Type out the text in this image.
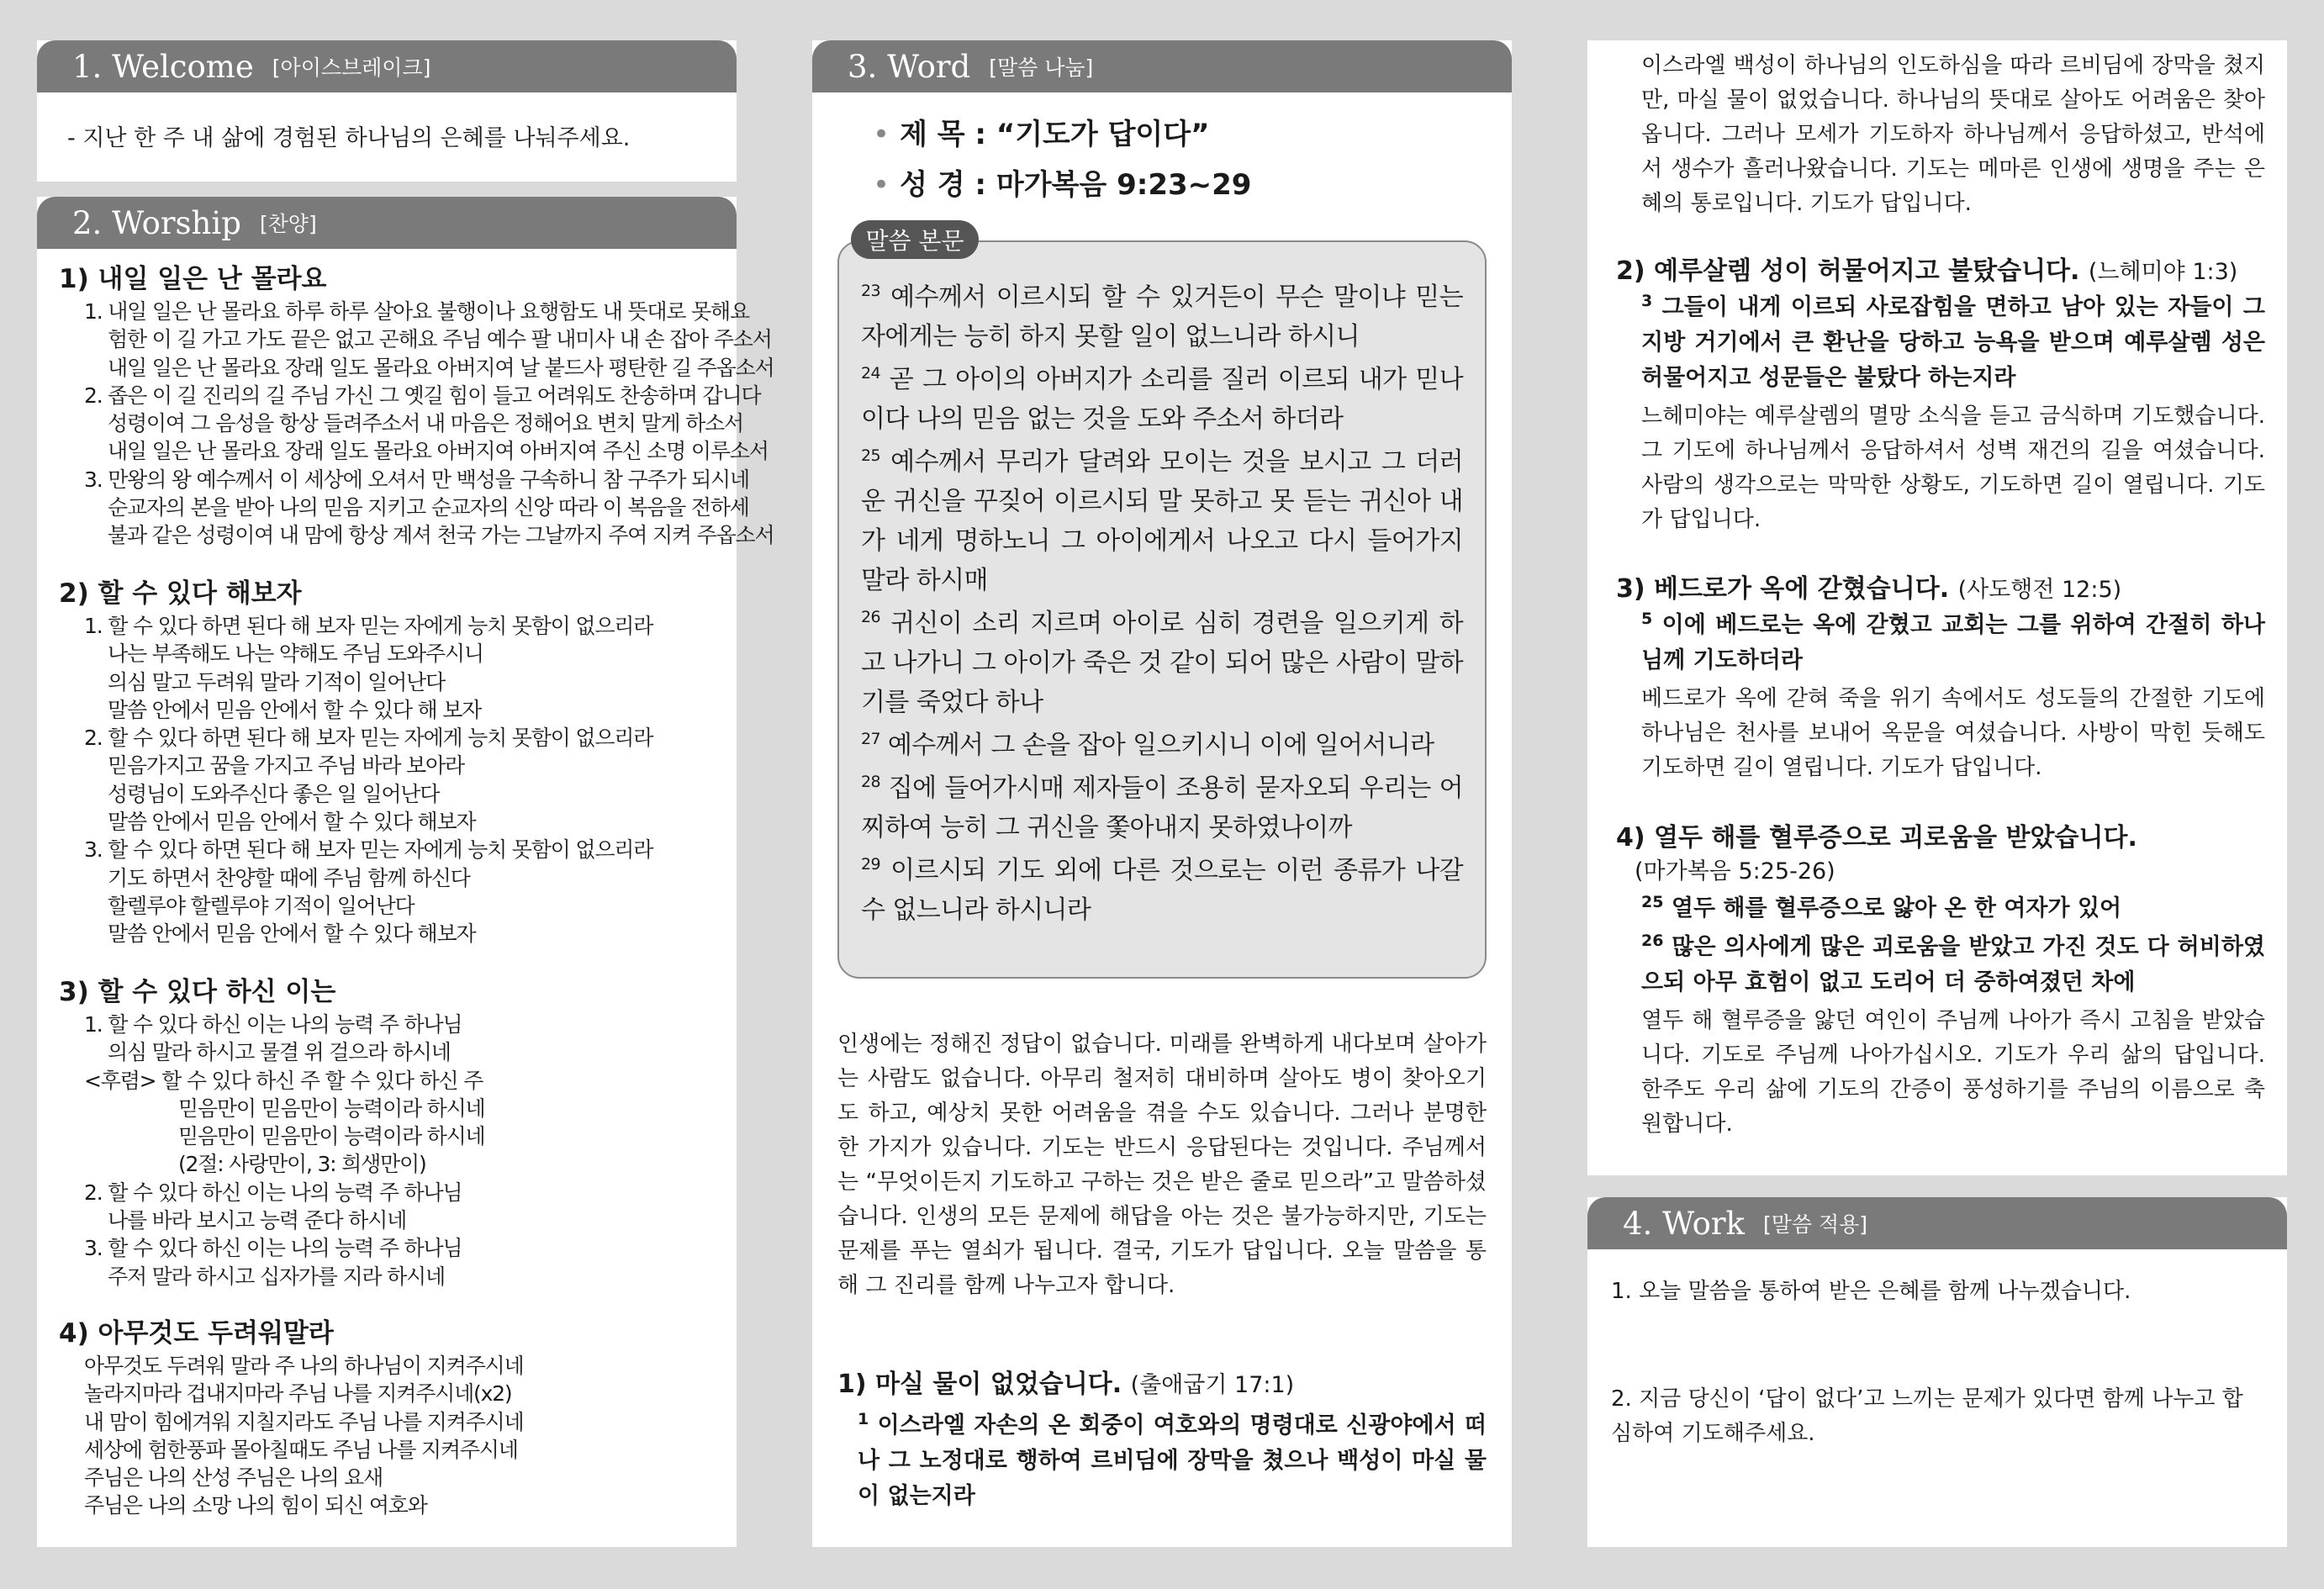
1. Welcome [아이스브레이크]

- 지난 한 주 내 삶에 경험된 하나님의 은혜를 나눠주세요.

2. Worship [찬양]

1) 내일 일은 난 몰라요

1. 내일 일은 난 몰라요 하루 하루 살아요 불행이나 요행함도 내 뜻대로 못해요

험한 이 길 가고 가도 끝은 없고 곤해요 주님 예수 팔 내미사 내 손 잡아 주소서

내일 일은 난 몰라요 장래 일도 몰라요 아버지여 날 붙드사 평탄한 길 주옵소서

2. 좁은 이 길 진리의 길 주님 가신 그 옛길 힘이 들고 어려워도 찬송하며 갑니다

성령이여 그 음성을 항상 들려주소서 내 마음은 정해어요 변치 말게 하소서

내일 일은 난 몰라요 장래 일도 몰라요 아버지여 아버지여 주신 소명 이루소서

3. 만왕의 왕 예수께서 이 세상에 오셔서 만 백성을 구속하니 참 구주가 되시네

순교자의 본을 받아 나의 믿음 지키고 순교자의 신앙 따라 이 복음을 전하세

불과 같은 성령이여 내 맘에 항상 계셔 천국 가는 그날까지 주여 지켜 주옵소서

2) 할 수 있다 해보자

1. 할 수 있다 하면 된다 해 보자 믿는 자에게 능치 못함이 없으리라

나는 부족해도 나는 약해도 주님 도와주시니

의심 말고 두려워 말라 기적이 일어난다

말씀 안에서 믿음 안에서 할 수 있다 해 보자

2. 할 수 있다 하면 된다 해 보자 믿는 자에게 능치 못함이 없으리라

믿음가지고 꿈을 가지고 주님 바라 보아라

성령님이 도와주신다 좋은 일 일어난다

말씀 안에서 믿음 안에서 할 수 있다 해보자

3. 할 수 있다 하면 된다 해 보자 믿는 자에게 능치 못함이 없으리라

기도 하면서 찬양할 때에 주님 함께 하신다

할렐루야 할렐루야 기적이 일어난다

말씀 안에서 믿음 안에서 할 수 있다 해보자

3) 할 수 있다 하신 이는

1. 할 수 있다 하신 이는 나의 능력 주 하나님

의심 말라 하시고 물결 위 걸으라 하시네

<후렴> 할 수 있다 하신 주 할 수 있다 하신 주

믿음만이 믿음만이 능력이라 하시네

믿음만이 믿음만이 능력이라 하시네

(2절: 사랑만이, 3: 희생만이)

2. 할 수 있다 하신 이는 나의 능력 주 하나님

나를 바라 보시고 능력 준다 하시네

3. 할 수 있다 하신 이는 나의 능력 주 하나님

주저 말라 하시고 십자가를 지라 하시네

4) 아무것도 두려워말라

아무것도 두려워 말라 주 나의 하나님이 지켜주시네

놀라지마라 겁내지마라 주님 나를 지켜주시네(x2)

내 맘이 힘에겨워 지칠지라도 주님 나를 지켜주시네

세상에 험한풍파 몰아칠때도 주님 나를 지켜주시네

주님은 나의 산성 주님은 나의 요새

주님은 나의 소망 나의 힘이 되신 여호와

3. Word [말씀 나눔]

• 제 목 : “기도가 답이다”

• 성 경 : 마가복음 9:23~29

말씀 본문

$^{23}$ 예수께서 이르시되 할 수 있거든이 무슨 말이냐 믿는 자에게는 능히 하지 못할 일이 없느니라 하시니

$^{24}$ 곧 그 아이의 아버지가 소리를 질러 이르되 내가 믿나이다 나의 믿음 없는 것을 도와 주소서 하더라

$^{25}$ 예수께서 무리가 달려와 모이는 것을 보시고 그 더러운 귀신을 꾸짖어 이르시되 말 못하고 못 듣는 귀신아 내가 네게 명하노니 그 아이에게서 나오고 다시 들어가지 말라 하시매

$^{26}$ 귀신이 소리 지르며 아이로 심히 경련을 일으키게 하고 나가니 그 아이가 죽은 것 같이 되어 많은 사람이 말하기를 죽었다 하나

$^{27}$ 예수께서 그 손을 잡아 일으키시니 이에 일어서니라

$^{28}$ 집에 들어가시매 제자들이 조용히 묻자오되 우리는 어찌하여 능히 그 귀신을 쫓아내지 못하였나이까

$^{29}$ 이르시되 기도 외에 다른 것으로는 이런 종류가 나갈 수 없느니라 하시니라

인생에는 정해진 정답이 없습니다. 미래를 완벽하게 내다보며 살아가는 사람도 없습니다. 아무리 철저히 대비하며 살아도 병이 찾아오기도 하고, 예상치 못한 어려움을 겪을 수도 있습니다. 그러나 분명한 한 가지가 있습니다. 기도는 반드시 응답된다는 것입니다. 주님께서는 “무엇이든지 기도하고 구하는 것은 받은 줄로 믿으라”고 말씀하셨습니다. 인생의 모든 문제에 해답을 아는 것은 불가능하지만, 기도는 문제를 푸는 열쇠가 됩니다. 결국, 기도가 답입니다. 오늘 말씀을 통해 그 진리를 함께 나누고자 합니다.

1) 마실 물이 없었습니다. (출애굽기 17:1)

$^1$ 이스라엘 자손의 온 회중이 여호와의 명령대로 신광야에서 떠나 그 노정대로 행하여 르비딤에 장막을 쳤으나 백성이 마실 물이 없는지라

이스라엘 백성이 하나님의 인도하심을 따라 르비딤에 장막을 쳤지만, 마실 물이 없었습니다. 하나님의 뜻대로 살아도 어려움은 찾아옵니다. 그러나 모세가 기도하자 하나님께서 응답하셨고, 반석에서 생수가 흘러나왔습니다. 기도는 메마른 인생에 생명을 주는 은혜의 통로입니다. 기도가 답입니다.

2) 예루살렘 성이 허물어지고 불탔습니다. (느헤미야 1:3)

$^3$ 그들이 내게 이르되 사로잡힘을 면하고 남아 있는 자들이 그 지방 거기에서 큰 환난을 당하고 능욕을 받으며 예루살렘 성은 허물어지고 성문들은 불탔다 하는지라

느헤미야는 예루살렘의 멸망 소식을 듣고 금식하며 기도했습니다. 그 기도에 하나님께서 응답하셔서 성벽 재건의 길을 여셨습니다. 사람의 생각으로는 막막한 상황도, 기도하면 길이 열립니다. 기도가 답입니다.

3) 베드로가 옥에 갇혔습니다. (사도행전 12:5)

$^5$ 이에 베드로는 옥에 갇혔고 교회는 그를 위하여 간절히 하나님께 기도하더라

베드로가 옥에 갇혀 죽을 위기 속에서도 성도들의 간절한 기도에 하나님은 천사를 보내어 옥문을 여셨습니다. 사방이 막힌 듯해도 기도하면 길이 열립니다. 기도가 답입니다.

4) 열두 해를 혈루증으로 괴로움을 받았습니다.

(마가복음 5:25-26)

$^{25}$ 열두 해를 혈루증으로 앓아 온 한 여자가 있어

$^{26}$ 많은 의사에게 많은 괴로움을 받았고 가진 것도 다 허비하였으되 아무 효험이 없고 도리어 더 중하여졌던 차에

열두 해 혈루증을 앓던 여인이 주님께 나아가 즉시 고침을 받았습니다. 기도로 주님께 나아가십시오. 기도가 우리 삶의 답입니다. 한주도 우리 삶에 기도의 간증이 풍성하기를 주님의 이름으로 축원합니다.

4. Work [말씀 적용]

1. 오늘 말씀을 통하여 받은 은혜를 함께 나누겠습니다.

2. 지금 당신이 ‘답이 없다’고 느끼는 문제가 있다면 함께 나누고 합심하여 기도해주세요.
